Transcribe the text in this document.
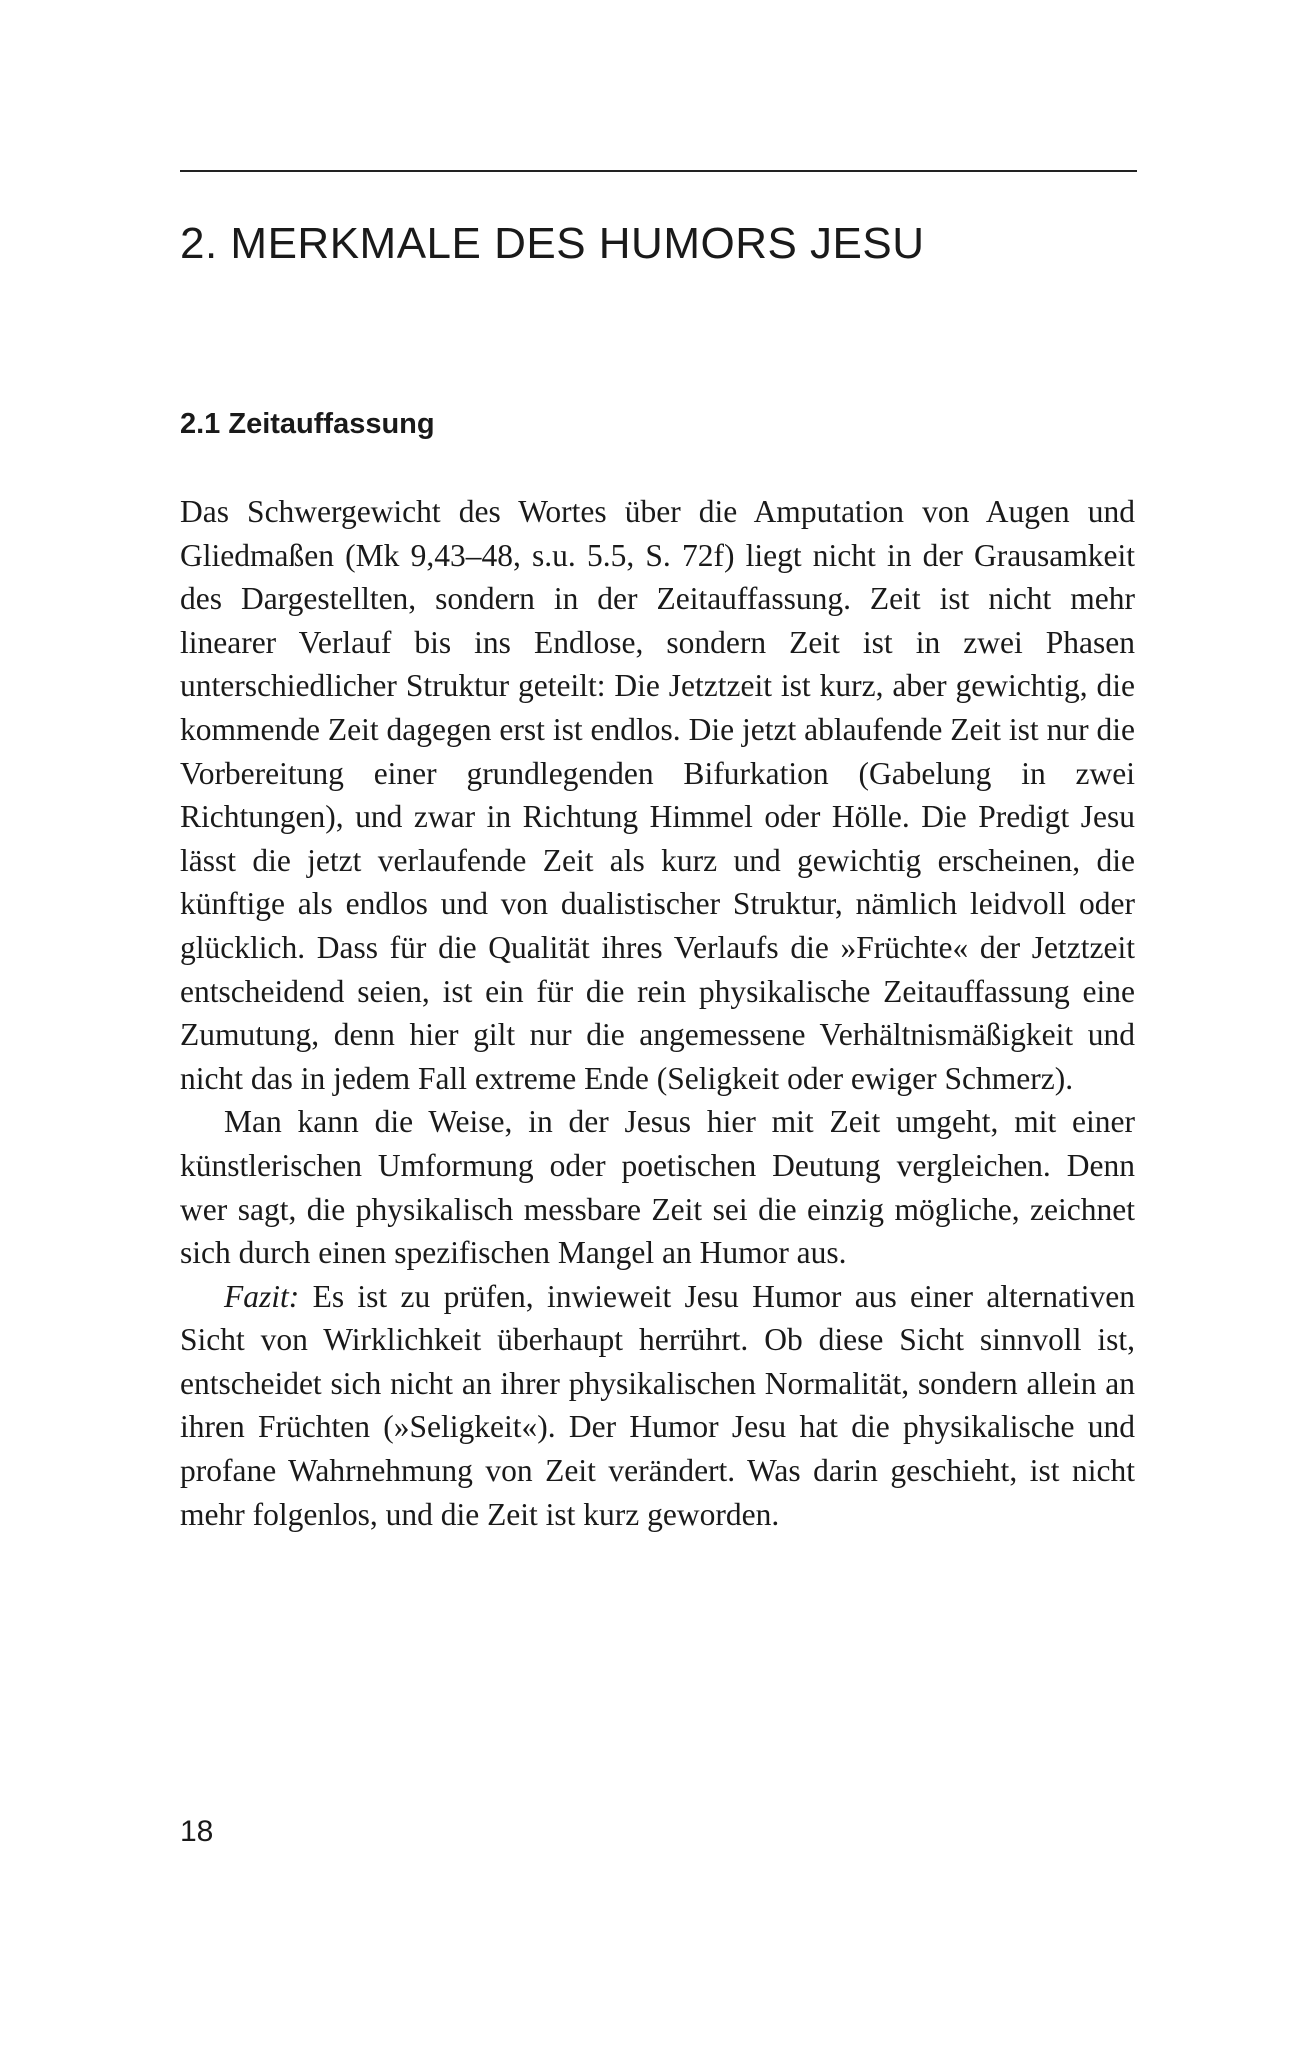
2. MERKMALE DES HUMORS JESU
2.1 Zeitauffassung

Das Schwergewicht des Wortes über die Amputation von Augen und Gliedmaßen (Mk 9,43–48, s.u. 5.5, S. 72f) liegt nicht in der Grausamkeit des Dargestellten, sondern in der Zeitauffassung. Zeit ist nicht mehr linearer Verlauf bis ins Endlose, sondern Zeit ist in zwei Phasen unterschiedlicher Struktur geteilt: Die Jetztzeit ist kurz, aber gewichtig, die kommende Zeit dagegen erst ist endlos. Die jetzt ablaufende Zeit ist nur die Vorbereitung einer grundlegenden Bifurkation (Gabelung in zwei Richtungen), und zwar in Richtung Himmel oder Hölle. Die Predigt Jesu lässt die jetzt verlaufende Zeit als kurz und gewichtig erscheinen, die künftige als endlos und von dualistischer Struktur, nämlich leidvoll oder glücklich. Dass für die Qualität ihres Verlaufs die »Früchte« der Jetztzeit entscheidend seien, ist ein für die rein physikalische Zeitauffassung eine Zumutung, denn hier gilt nur die angemessene Verhältnismäßigkeit und nicht das in jedem Fall extreme Ende (Seligkeit oder ewiger Schmerz).

Man kann die Weise, in der Jesus hier mit Zeit umgeht, mit einer künstlerischen Umformung oder poetischen Deutung vergleichen. Denn wer sagt, die physikalisch messbare Zeit sei die einzig mögliche, zeichnet sich durch einen spezifischen Mangel an Humor aus.

Fazit: Es ist zu prüfen, inwieweit Jesu Humor aus einer alternativen Sicht von Wirklichkeit überhaupt herrührt. Ob diese Sicht sinnvoll ist, entscheidet sich nicht an ihrer physikalischen Normalität, sondern allein an ihren Früchten (»Seligkeit«). Der Humor Jesu hat die physikalische und profane Wahrnehmung von Zeit verändert. Was darin geschieht, ist nicht mehr folgenlos, und die Zeit ist kurz geworden.

18
